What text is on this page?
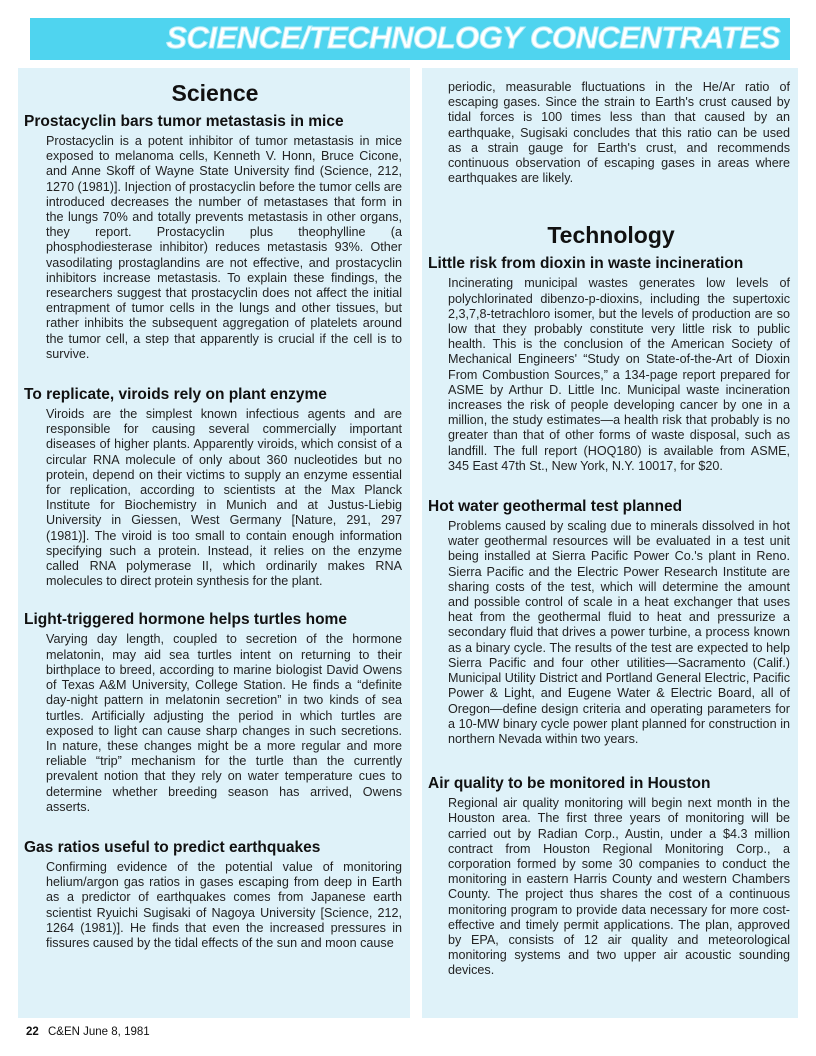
SCIENCE/TECHNOLOGY CONCENTRATES
Science
Prostacyclin bars tumor metastasis in mice
Prostacyclin is a potent inhibitor of tumor metastasis in mice exposed to melanoma cells, Kenneth V. Honn, Bruce Cicone, and Anne Skoff of Wayne State University find (Science, 212, 1270 (1981)]. Injection of prostacyclin before the tumor cells are introduced decreases the number of metastases that form in the lungs 70% and totally prevents metastasis in other organs, they report. Prostacyclin plus theophylline (a phosphodiesterase inhibitor) reduces metastasis 93%. Other vasodilating prostaglandins are not effective, and prostacyclin inhibitors increase metastasis. To explain these findings, the researchers suggest that prostacyclin does not affect the initial entrapment of tumor cells in the lungs and other tissues, but rather inhibits the subsequent aggregation of platelets around the tumor cell, a step that apparently is crucial if the cell is to survive.
To replicate, viroids rely on plant enzyme
Viroids are the simplest known infectious agents and are responsible for causing several commercially important diseases of higher plants. Apparently viroids, which consist of a circular RNA molecule of only about 360 nucleotides but no protein, depend on their victims to supply an enzyme essential for replication, according to scientists at the Max Planck Institute for Biochemistry in Munich and at Justus-Liebig University in Giessen, West Germany [Nature, 291, 297 (1981)]. The viroid is too small to contain enough information specifying such a protein. Instead, it relies on the enzyme called RNA polymerase II, which ordinarily makes RNA molecules to direct protein synthesis for the plant.
Light-triggered hormone helps turtles home
Varying day length, coupled to secretion of the hormone melatonin, may aid sea turtles intent on returning to their birthplace to breed, according to marine biologist David Owens of Texas A&M University, College Station. He finds a “definite day-night pattern in melatonin secretion” in two kinds of sea turtles. Artificially adjusting the period in which turtles are exposed to light can cause sharp changes in such secretions. In nature, these changes might be a more regular and more reliable “trip” mechanism for the turtle than the currently prevalent notion that they rely on water temperature cues to determine whether breeding season has arrived, Owens asserts.
Gas ratios useful to predict earthquakes
Confirming evidence of the potential value of monitoring helium/argon gas ratios in gases escaping from deep in Earth as a predictor of earthquakes comes from Japanese earth scientist Ryuichi Sugisaki of Nagoya University [Science, 212, 1264 (1981)]. He finds that even the increased pressures in fissures caused by the tidal effects of the sun and moon cause
periodic, measurable fluctuations in the He/Ar ratio of escaping gases. Since the strain to Earth's crust caused by tidal forces is 100 times less than that caused by an earthquake, Sugisaki concludes that this ratio can be used as a strain gauge for Earth's crust, and recommends continuous observation of escaping gases in areas where earthquakes are likely.
Technology
Little risk from dioxin in waste incineration
Incinerating municipal wastes generates low levels of polychlorinated dibenzo-p-dioxins, including the supertoxic 2,3,7,8-tetrachloro isomer, but the levels of production are so low that they probably constitute very little risk to public health. This is the conclusion of the American Society of Mechanical Engineers' “Study on State-of-the-Art of Dioxin From Combustion Sources,” a 134-page report prepared for ASME by Arthur D. Little Inc. Municipal waste incineration increases the risk of people developing cancer by one in a million, the study estimates—a health risk that probably is no greater than that of other forms of waste disposal, such as landfill. The full report (HOQ180) is available from ASME, 345 East 47th St., New York, N.Y. 10017, for $20.
Hot water geothermal test planned
Problems caused by scaling due to minerals dissolved in hot water geothermal resources will be evaluated in a test unit being installed at Sierra Pacific Power Co.'s plant in Reno. Sierra Pacific and the Electric Power Research Institute are sharing costs of the test, which will determine the amount and possible control of scale in a heat exchanger that uses heat from the geothermal fluid to heat and pressurize a secondary fluid that drives a power turbine, a process known as a binary cycle. The results of the test are expected to help Sierra Pacific and four other utilities—Sacramento (Calif.) Municipal Utility District and Portland General Electric, Pacific Power & Light, and Eugene Water & Electric Board, all of Oregon—define design criteria and operating parameters for a 10-MW binary cycle power plant planned for construction in northern Nevada within two years.
Air quality to be monitored in Houston
Regional air quality monitoring will begin next month in the Houston area. The first three years of monitoring will be carried out by Radian Corp., Austin, under a $4.3 million contract from Houston Regional Monitoring Corp., a corporation formed by some 30 companies to conduct the monitoring in eastern Harris County and western Chambers County. The project thus shares the cost of a continuous monitoring program to provide data necessary for more cost-effective and timely permit applications. The plan, approved by EPA, consists of 12 air quality and meteorological monitoring systems and two upper air acoustic sounding devices.
22 C&EN June 8, 1981
